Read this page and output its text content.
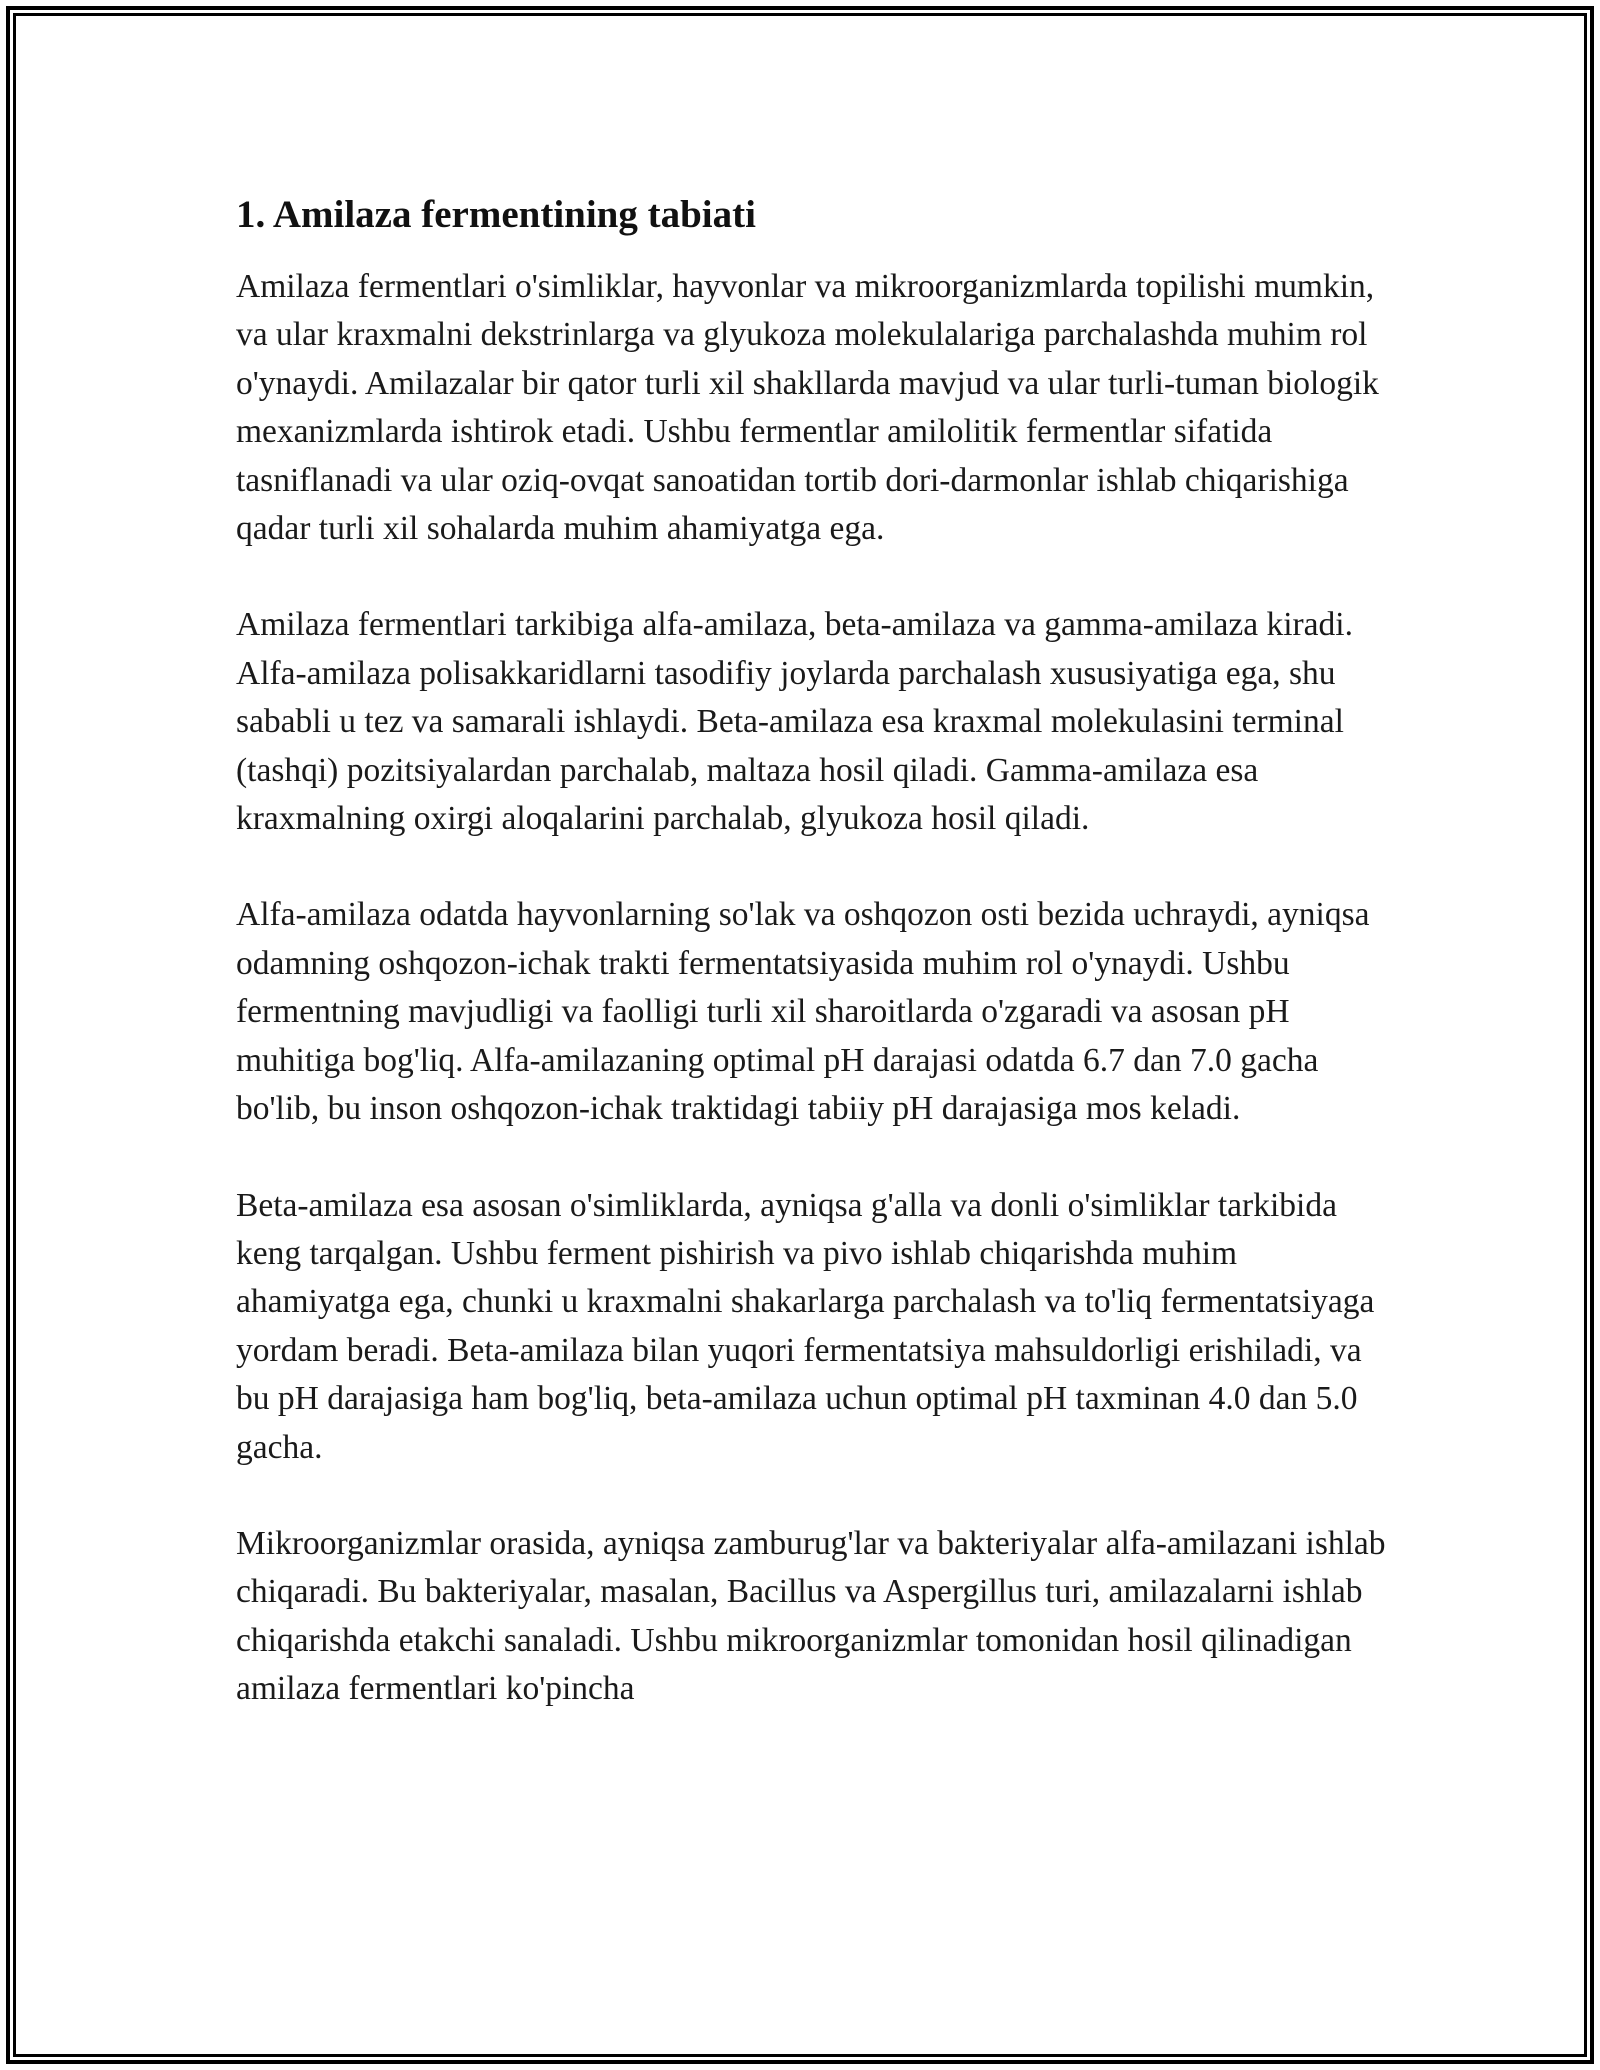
1. Amilaza fermentining tabiati

Amilaza fermentlari o'simliklar, hayvonlar va mikroorganizmlarda topilishi mumkin, va ular kraxmalni dekstrinlarga va glyukoza molekulalariga parchalashda muhim rol o'ynaydi. Amilazalar bir qator turli xil shakllarda mavjud va ular turli-tuman biologik mexanizmlarda ishtirok etadi. Ushbu fermentlar amilolitik fermentlar sifatida tasniflanadi va ular oziq-ovqat sanoatidan tortib dori-darmonlar ishlab chiqarishiga qadar turli xil sohalarda muhim ahamiyatga ega.

Amilaza fermentlari tarkibiga alfa-amilaza, beta-amilaza va gamma-amilaza kiradi. Alfa-amilaza polisakkaridlarni tasodifiy joylarda parchalash xususiyatiga ega, shu sababli u tez va samarali ishlaydi. Beta-amilaza esa kraxmal molekulasini terminal (tashqi) pozitsiyalardan parchalab, maltaza hosil qiladi. Gamma-amilaza esa kraxmalning oxirgi aloqalarini parchalab, glyukoza hosil qiladi.

Alfa-amilaza odatda hayvonlarning so'lak va oshqozon osti bezida uchraydi, ayniqsa odamning oshqozon-ichak trakti fermentatsiyasida muhim rol o'ynaydi. Ushbu fermentning mavjudligi va faolligi turli xil sharoitlarda o'zgaradi va asosan pH muhitiga bog'liq. Alfa-amilazaning optimal pH darajasi odatda 6.7 dan 7.0 gacha bo'lib, bu inson oshqozon-ichak traktidagi tabiiy pH darajasiga mos keladi.

Beta-amilaza esa asosan o'simliklarda, ayniqsa g'alla va donli o'simliklar tarkibida keng tarqalgan. Ushbu ferment pishirish va pivo ishlab chiqarishda muhim ahamiyatga ega, chunki u kraxmalni shakarlarga parchalash va to'liq fermentatsiyaga yordam beradi. Beta-amilaza bilan yuqori fermentatsiya mahsuldorligi erishiladi, va bu pH darajasiga ham bog'liq, beta-amilaza uchun optimal pH taxminan 4.0 dan 5.0 gacha.

Mikroorganizmlar orasida, ayniqsa zamburug'lar va bakteriyalar alfa-amilazani ishlab chiqaradi. Bu bakteriyalar, masalan, Bacillus va Aspergillus turi, amilazalarni ishlab chiqarishda etakchi sanaladi. Ushbu mikroorganizmlar tomonidan hosil qilinadigan amilaza fermentlari ko'pincha
